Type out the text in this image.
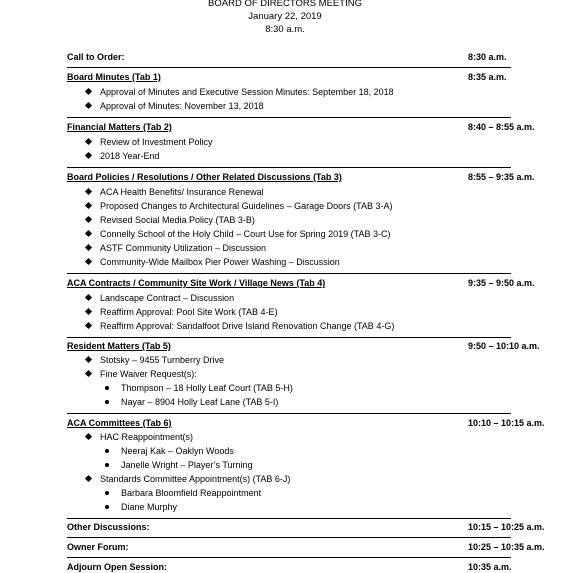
BOARD OF DIRECTORS MEETING
January 22, 2019
8:30 a.m.
Call to Order:	8:30 a.m.
Board Minutes (Tab 1)	8:35 a.m.
Approval of Minutes and Executive Session Minutes: September 18, 2018
Approval of Minutes: November 13, 2018
Financial Matters (Tab 2)	8:40 – 8:55 a.m.
Review of Investment Policy
2018 Year-End
Board Policies / Resolutions / Other Related Discussions (Tab 3)	8:55 – 9:35 a.m.
ACA Health Benefits/ Insurance Renewal
Proposed Changes to Architectural Guidelines – Garage Doors (TAB 3-A)
Revised Social Media Policy (TAB 3-B)
Connelly School of the Holy Child – Court Use for Spring 2019 (TAB 3-C)
ASTF Community Utilization – Discussion
Community-Wide Mailbox Pier Power Washing – Discussion
ACA Contracts / Community Site Work / Village News (Tab 4)	9:35 – 9:50 a.m.
Landscape Contract – Discussion
Reaffirm Approval: Pool Site Work (TAB 4-E)
Reaffirm Approval: Sandalfoot Drive Island Renovation Change (TAB 4-G)
Resident Matters (Tab 5)	9:50 – 10:10 a.m.
Stotsky – 9455 Turnberry Drive
Fine Waiver Request(s):
Thompson – 18 Holly Leaf Court (TAB 5-H)
Nayar – 8904 Holly Leaf Lane (TAB 5-I)
ACA Committees (Tab 6)	10:10 – 10:15 a.m.
HAC Reappointment(s)
Neeraj Kak – Oaklyn Woods
Janelle Wright – Player’s Turning
Standards Committee Appointment(s) (TAB 6-J)
Barbara Bloomfield Reappointment
Diane Murphy
Other Discussions:	10:15 – 10:25 a.m.
Owner Forum:	10:25 – 10:35 a.m.
Adjourn Open Session:	10:35 a.m.
